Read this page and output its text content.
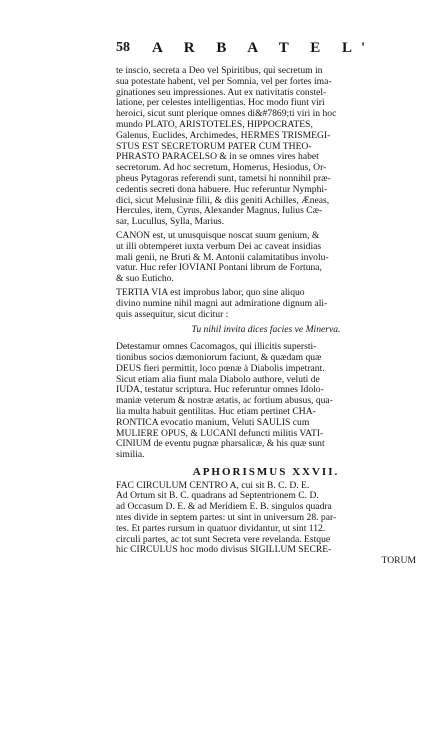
58 A R B A T E L'
te inscio, secreta a Deo vel Spiritibus, qui secretum in
sua potestate habent, vel per Somnia, vel per fortes ima-
ginationes seu impressiones. Aut ex nativitatis constel-
latione, per celestes intelligentias. Hoc modo fiunt viri
heroici, sicut sunt plerique omnes di&#7869;ti viri in hoc
mundo PLATO, ARISTOTELES, HIPPOCRATES,
Galenus, Euclides, Archimedes, HERMES TRISMEGI-
STUS EST SECRETORUM PATER CUM THEO-
PHRASTO PARACELSO & in se omnes vires habet
secretorum. Ad hoc secretum, Homerus, Hesiodus, Or-
pheus Pytagoras referendi sunt, tametsi hi nonnihil præ-
cedentis secreti dona habuere. Huc referuntur Nymphi-
dici, sicut Melusinæ filii, & diis geniti Achilles, Æneas,
Hercules, item, Cyrus, Alexander Magnus, Iulius Cæ-
sar, Lucullus, Sylla, Marius.
CANON est, ut unusquisque noscat suum genium, &
ut illi obtemperet iuxta verbum Dei ac caveat insidias
mali genii, ne Bruti & M. Antonii calamitatibus involu-
vatur. Huc refer IOVIANI Pontani librum de Fortuna,
& suo Euticho.
TERTIA VIA est improbus labor, quo sine aliquo
divino numine nihil magni aut admiratione dignum ali-
quis assequitur, sicut dicitur :
Tu nihil invita dices facies ve Minerva.
Detestamur omnes Cacomagos, qui illicitis supersti-
tionibus socios dæmoniorum faciunt, & quædam quæ
DEUS fieri permittit, loco pœnæ à Diabolis impetrant.
Sicut etiam alia fiunt mala Diabolo authore, veluti de
IUDA, testatur scriptura. Huc referuntur omnes Idolo-
maniæ veterum & nostræ ætatis, ac fortium abusus, qua-
lia multa habuit gentilitas. Huc etiam pertinet CHA-
RONTICA evocatio manium, Veluti SAULIS cum
MULIERE OPUS, & LUCANI defuncti militis VATI-
CINIUM de eventu pugnæ pharsalicæ, & his quæ sunt
similia.
APHORISMUS XXVII.
FAC CIRCULUM CENTRO A, cui sit B. C. D. E.
Ad Ortum sit B. C. quadrans ad Septentrionem C. D.
ad Occasum D. E. & ad Meridiem E. B. singulos quadra
ntes divide in septem partes: ut sint in universum 28. par-
tes. Et partes rursum in quatuor dividantur, ut sint 112.
circuli partes, ac tot sunt Secreta vere revelanda. Estque
hic CIRCULUS hoc modo divisus SIGILLUM SECRE-
TORUM
